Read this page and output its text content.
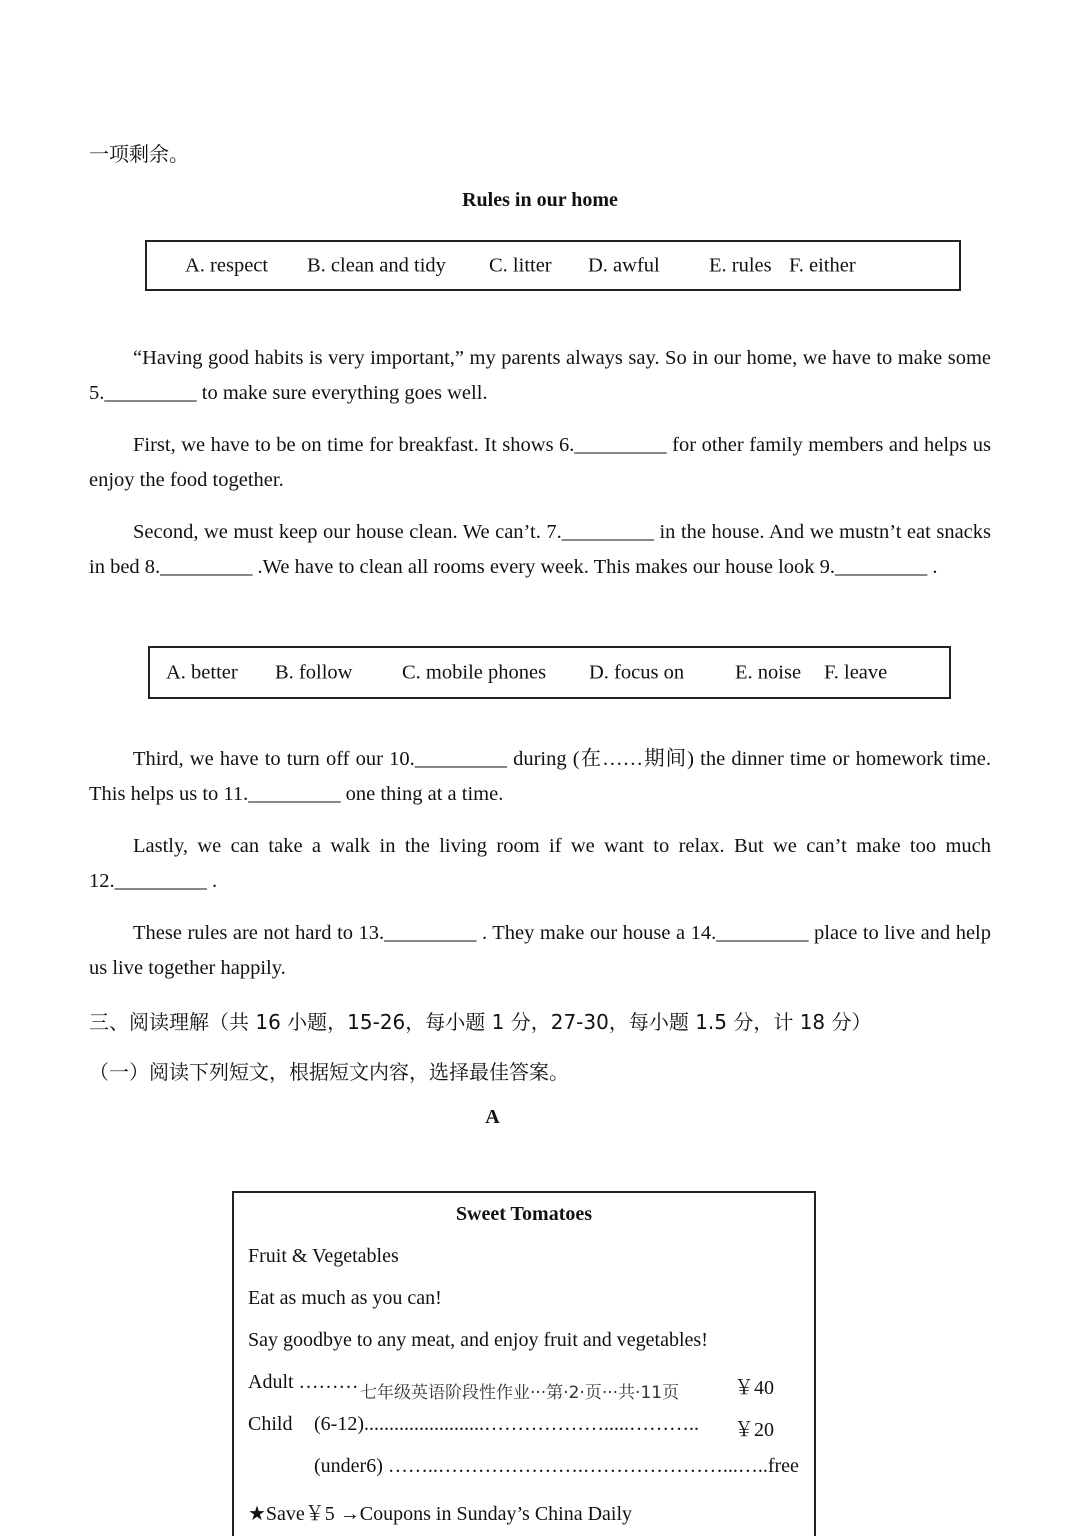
一项剩余。
Rules in our home
A. respect B. clean and tidy C. litter D. awful E. rules F. either

“Having good habits is very important,” my parents always say. So in our home, we have to make some 5._________ to make sure everything goes well.

First, we have to be on time for breakfast. It shows 6._________ for other family members and helps us enjoy the food together.

Second, we must keep our house clean. We can’t. 7._________ in the house. And we mustn’t eat snacks in bed 8._________ .We have to clean all rooms every week. This makes our house look 9._________ .

A. better B. follow C. mobile phones D. focus on E. noise F. leave

Third, we have to turn off our 10._________ during (在……期间) the dinner time or homework time. This helps us to 11._________ one thing at a time.

Lastly, we can take a walk in the living room if we want to relax. But we can’t make too much 12._________ .

These rules are not hard to 13._________ . They make our house a 14._________ place to live and help us live together happily.

三、阅读理解（共 16 小题，15-26，每小题 1 分，27-30，每小题 1.5 分，计 18 分）
（一）阅读下列短文，根据短文内容，选择最佳答案。
A
Sweet Tomatoes
Fruit & Vegetables
Eat as much as you can!
Say goodbye to any meat, and enjoy fruit and vegetables!
Adult ……… 七年级英语阶段性作业···第·2·页···共·11页	￥40
Child (6-12)........................……………….....………..	￥20
(under6) ……..………………….…………………...…..free
★Save￥5 →Coupons in Sunday’s China Daily
